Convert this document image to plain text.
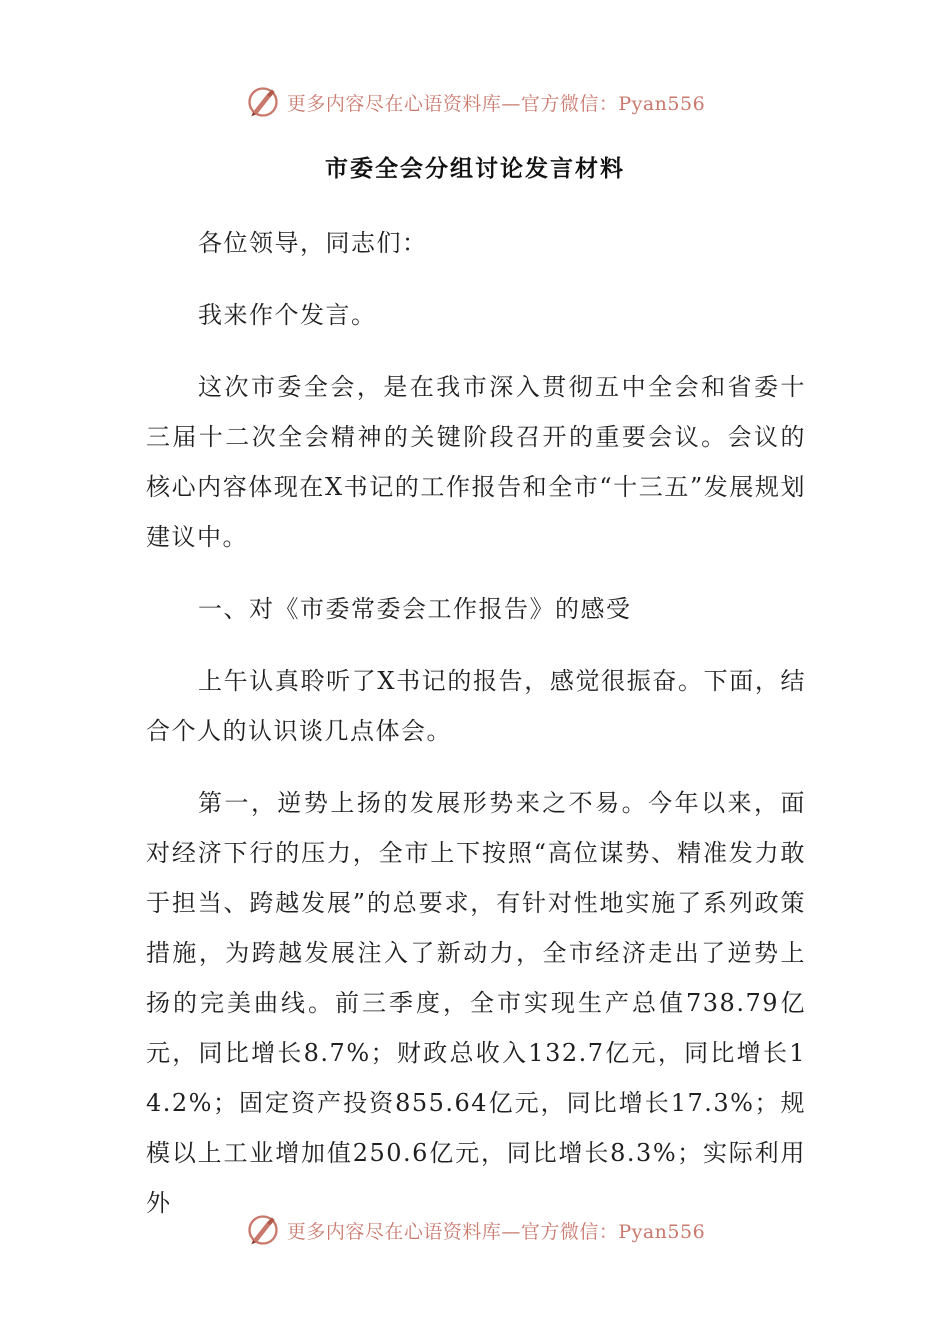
更多内容尽在心语资料库—官方微信：Pyan556
市委全会分组讨论发言材料

各位领导，同志们：

我来作个发言。

这次市委全会，是在我市深入贯彻五中全会和省委十三届十二次全会精神的关键阶段召开的重要会议。会议的核心内容体现在X书记的工作报告和全市“十三五”发展规划建议中。

一、对《市委常委会工作报告》的感受

上午认真聆听了X书记的报告，感觉很振奋。下面，结合个人的认识谈几点体会。

第一，逆势上扬的发展形势来之不易。今年以来，面对经济下行的压力，全市上下按照“高位谋势、精准发力敢于担当、跨越发展”的总要求，有针对性地实施了系列政策措施，为跨越发展注入了新动力，全市经济走出了逆势上扬的完美曲线。前三季度，全市实现生产总值738.79亿元，同比增长8.7%；财政总收入132.7亿元，同比增长14.2%；固定资产投资855.64亿元，同比增长17.3%；规模以上工业增加值250.6亿元，同比增长8.3%；实际利用外

更多内容尽在心语资料库—官方微信：Pyan556
